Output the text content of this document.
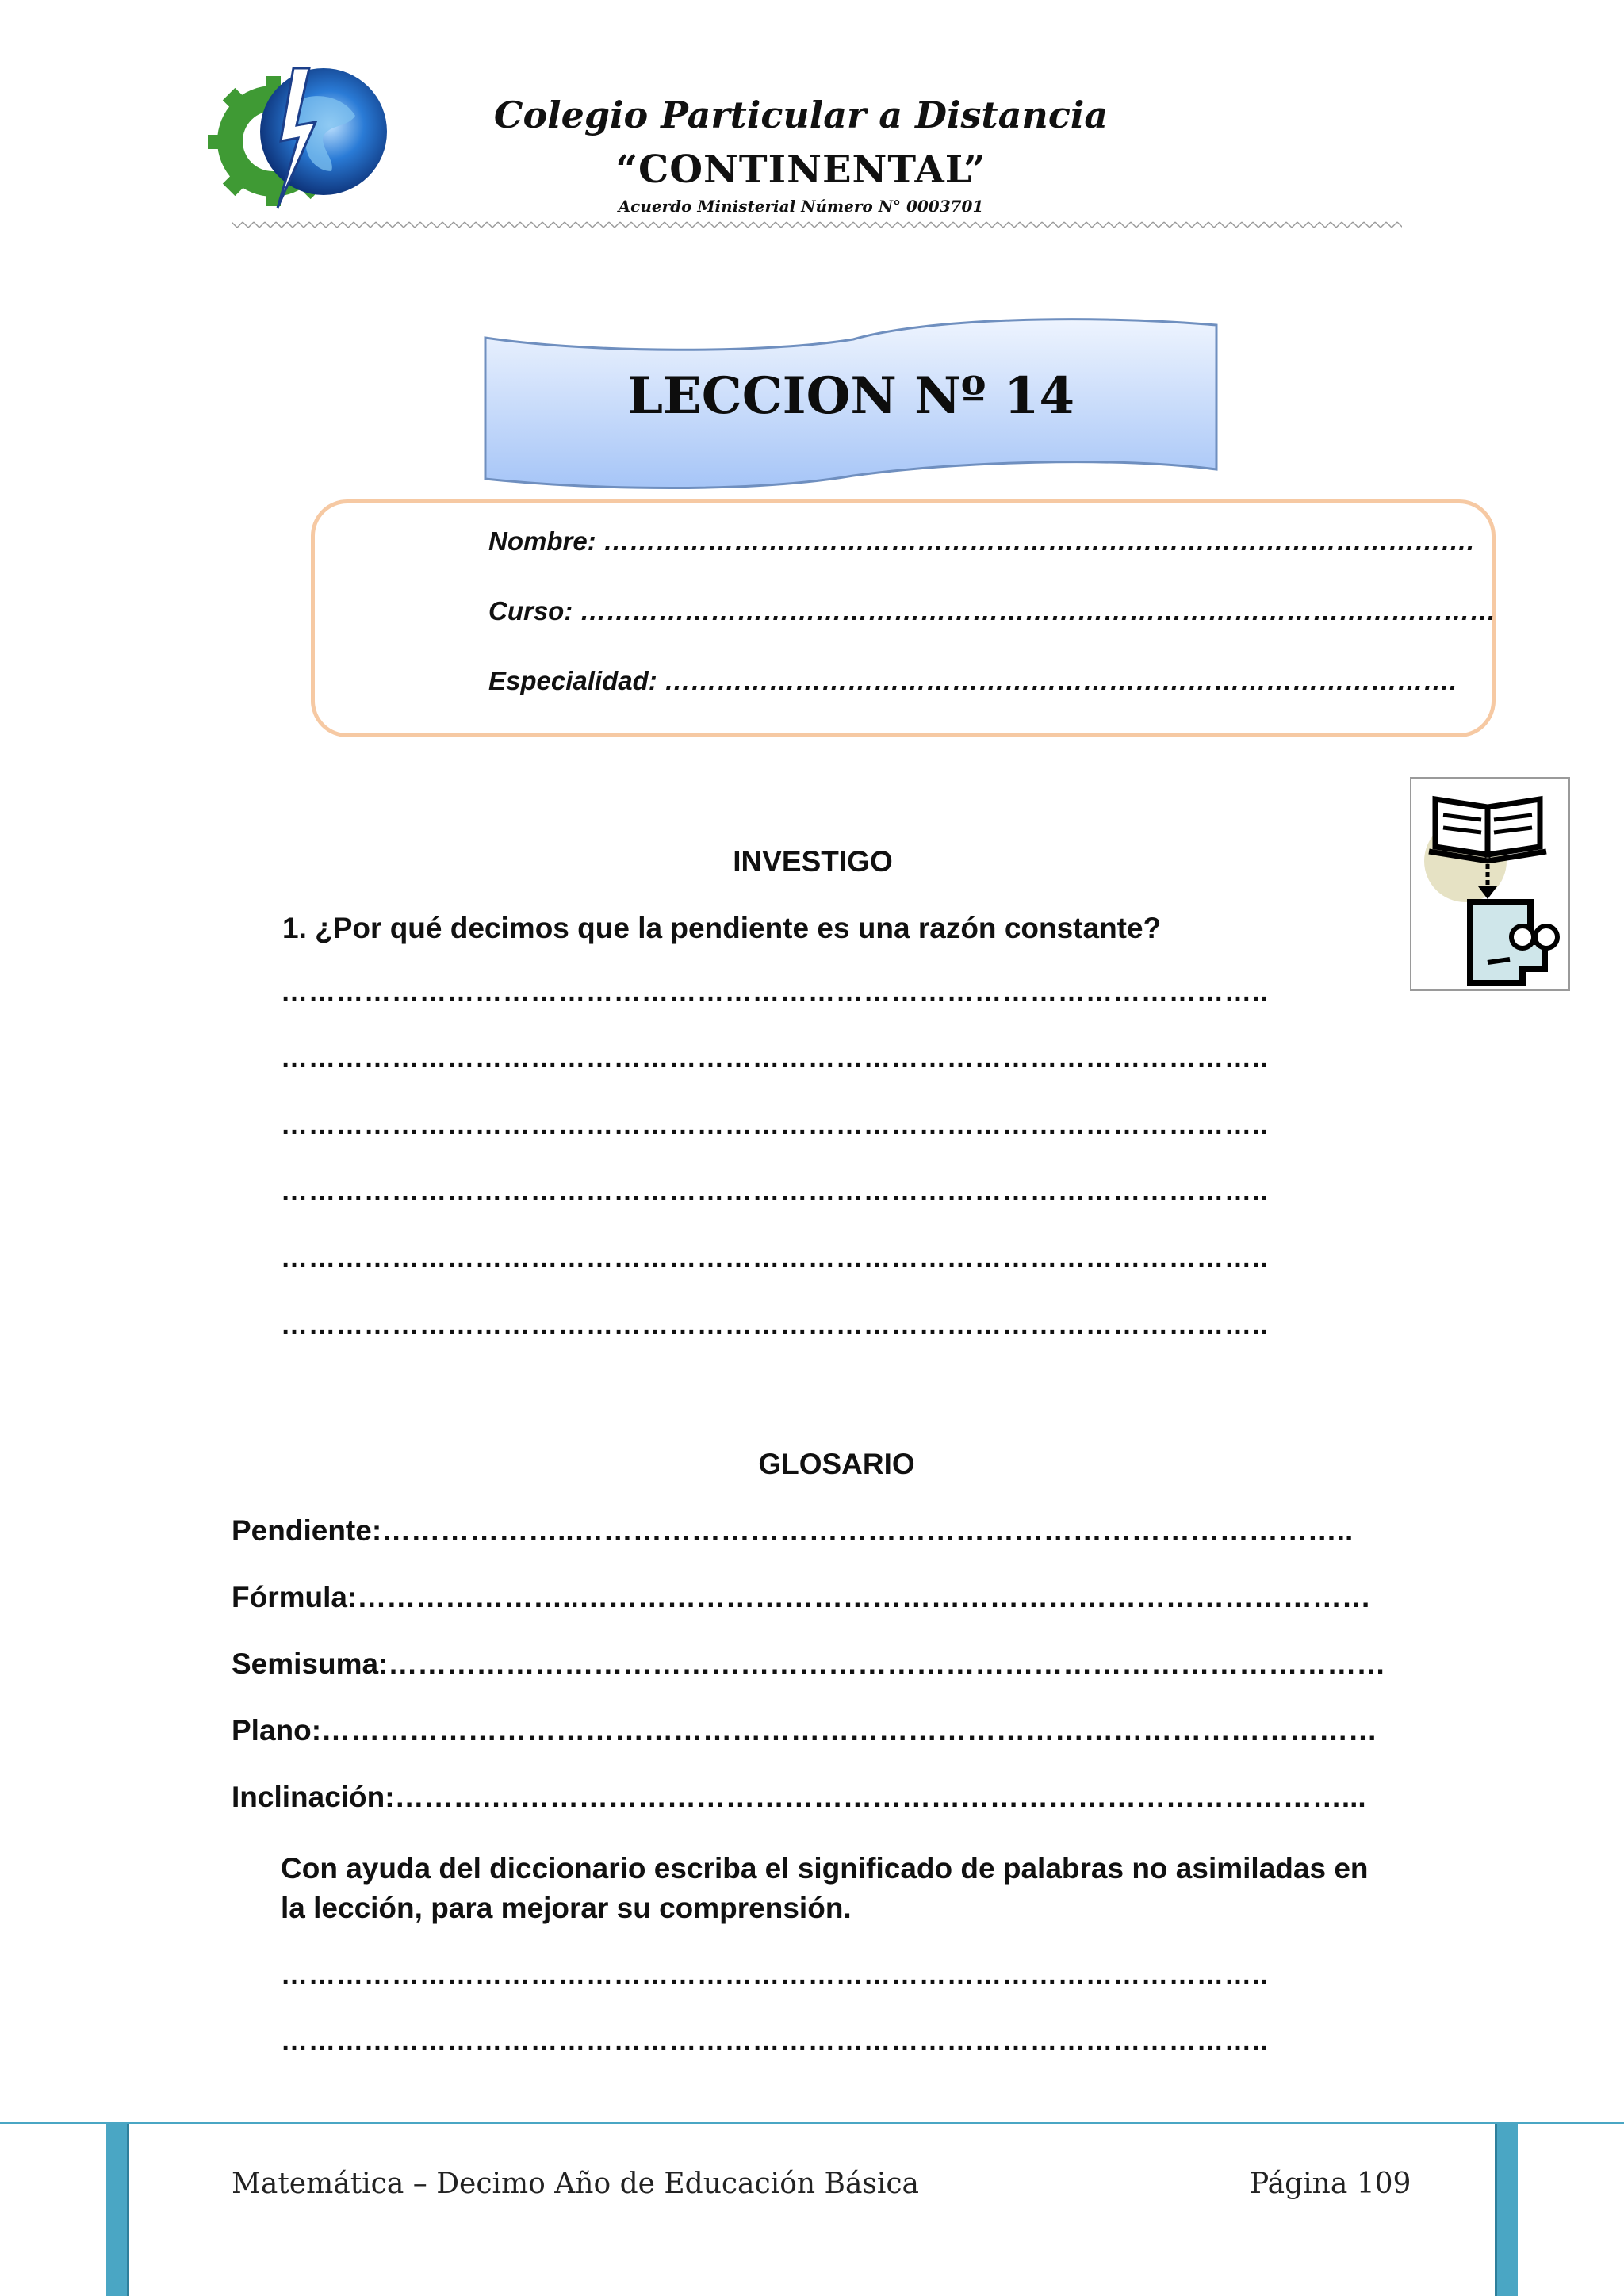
Colegio Particular a Distancia
“CONTINENTAL”
Acuerdo Ministerial Número N° 0003701
LECCION Nº 14
Nombre: ……………………………………………………………………………………….
Curso: ……………………………………………………………………………………………
Especialidad: ……………………………………………………………………………….
INVESTIGO
1. ¿Por qué decimos que la pendiente es una razón constante?
……………………………………………………………………………………………..
……………………………………………………………………………………………..
……………………………………………………………………………………………..
……………………………………………………………………………………………..
……………………………………………………………………………………………..
……………………………………………………………………………………………..
GLOSARIO
Pendiente:………………..……………………………………………………………………..
Fórmula:…………………..………………………………………………………………………
Semisuma:…………………………………………………………………………………………
Plano:………………………………………………………………………………………………
Inclinación:……….……………………………………………………………………………...
Con ayuda del diccionario escriba el significado de palabras no asimiladas en la lección, para mejorar su comprensión.
……………………………………………………………………………………………..
……………………………………………………………………………………………..
Matemática – Decimo Año de Educación Básica	Página 109
